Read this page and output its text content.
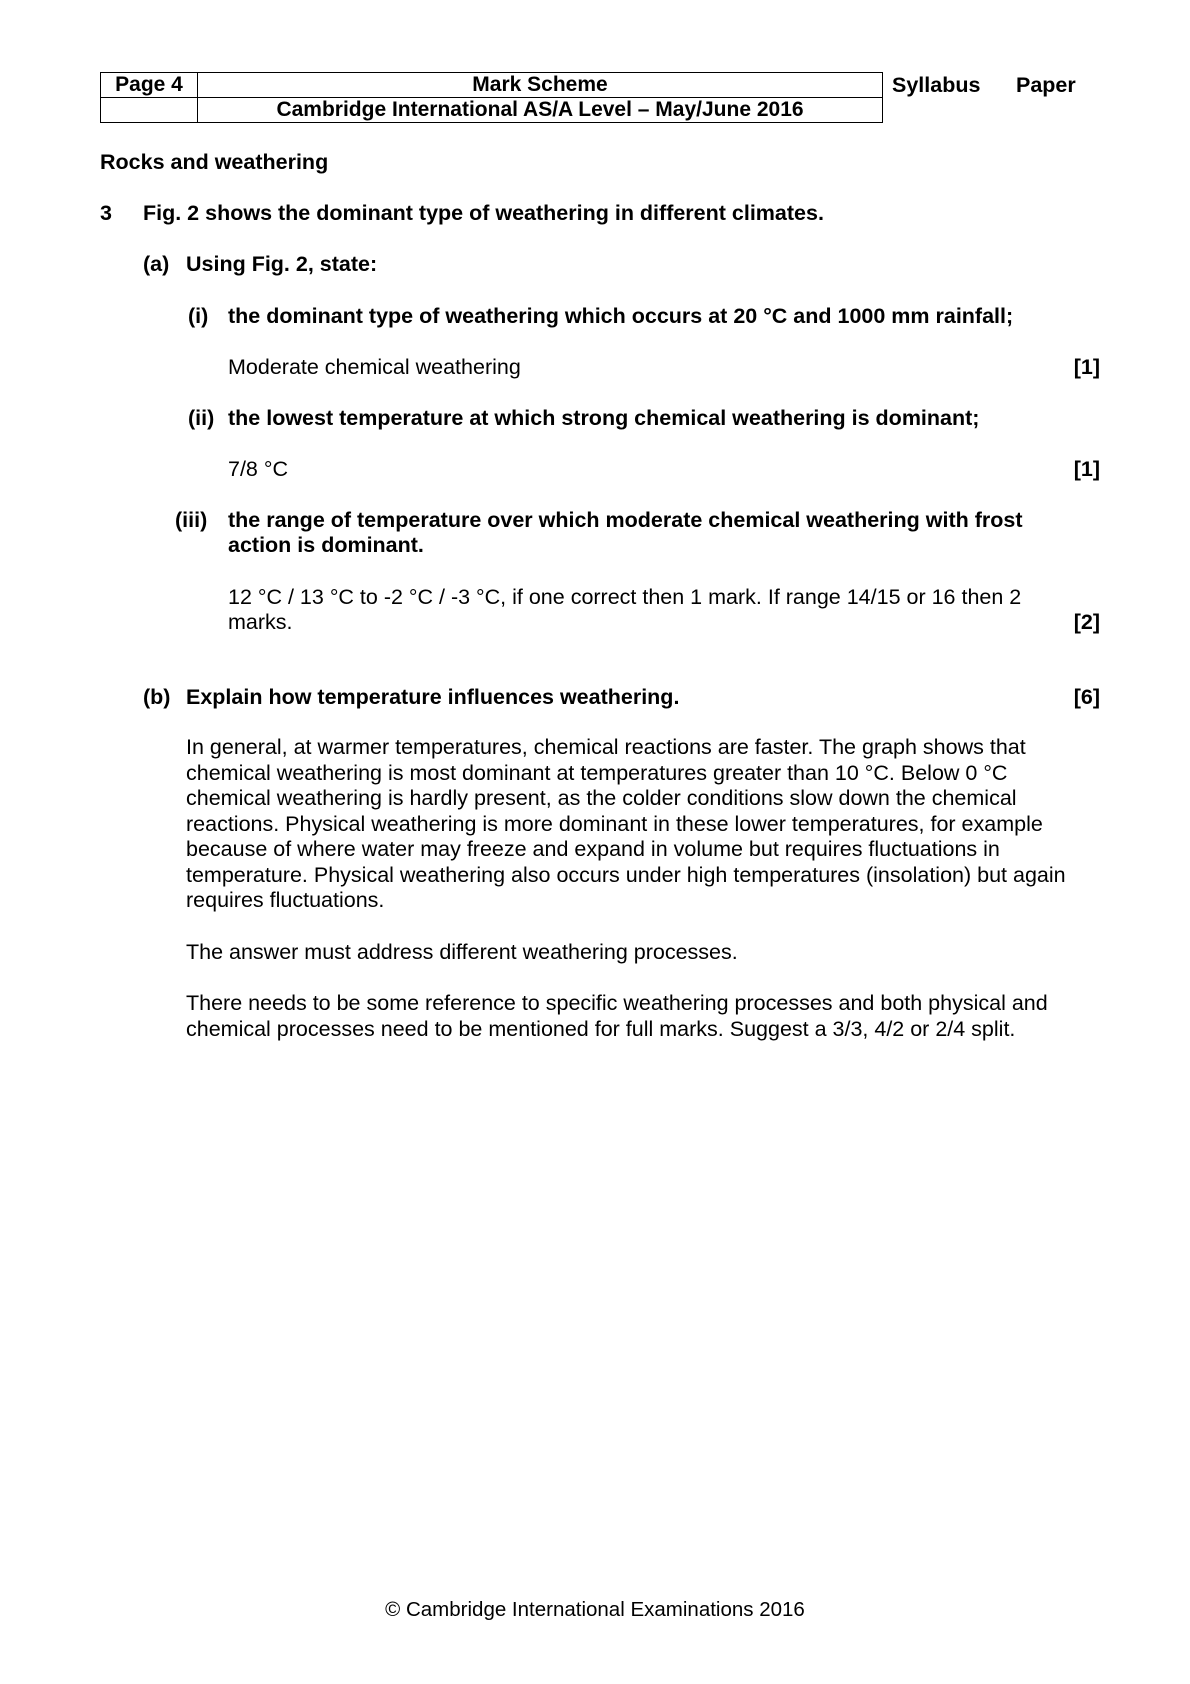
Page 4	Mark Scheme
	Cambridge International AS/A Level – May/June 2016
Syllabus Paper
Rocks and weathering
3 Fig. 2 shows the dominant type of weathering in different climates.
(a) Using Fig. 2, state:
(i) the dominant type of weathering which occurs at 20 °C and 1000 mm rainfall;
Moderate chemical weathering	[1]
(ii) the lowest temperature at which strong chemical weathering is dominant;
7/8 °C	[1]
(iii) the range of temperature over which moderate chemical weathering with frost
action is dominant.
12 °C / 13 °C to -2 °C / -3 °C, if one correct then 1 mark. If range 14/15 or 16 then 2
marks.	[2]
(b) Explain how temperature influences weathering.	[6]
In general, at warmer temperatures, chemical reactions are faster. The graph shows that
chemical weathering is most dominant at temperatures greater than 10 °C. Below 0 °C
chemical weathering is hardly present, as the colder conditions slow down the chemical
reactions. Physical weathering is more dominant in these lower temperatures, for example
because of where water may freeze and expand in volume but requires fluctuations in
temperature. Physical weathering also occurs under high temperatures (insolation) but again
requires fluctuations.
The answer must address different weathering processes.
There needs to be some reference to specific weathering processes and both physical and
chemical processes need to be mentioned for full marks. Suggest a 3/3, 4/2 or 2/4 split.
© Cambridge International Examinations 2016
